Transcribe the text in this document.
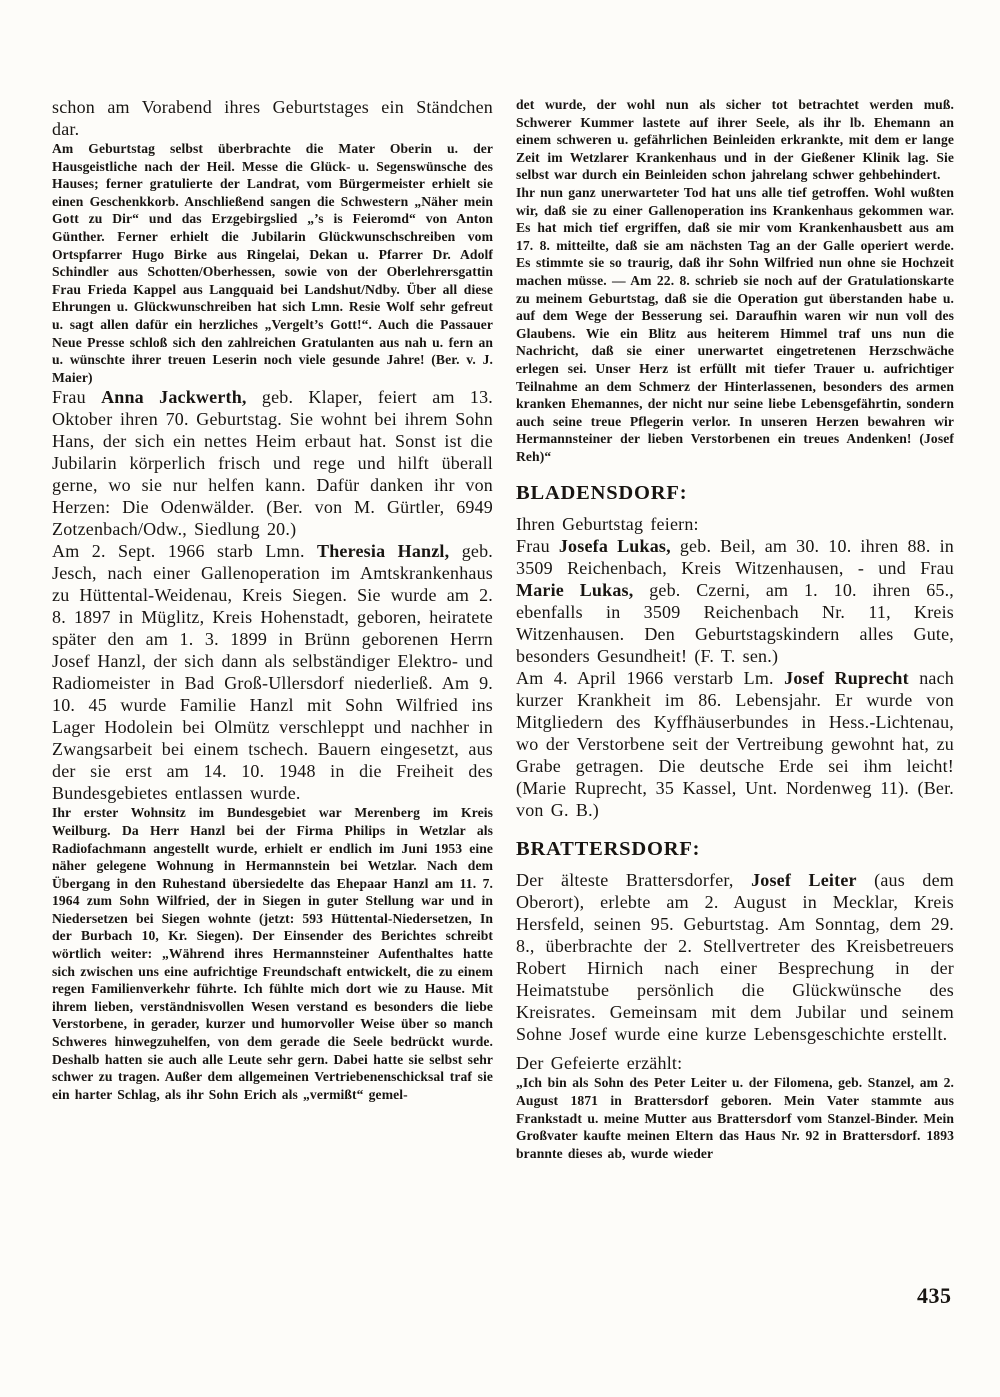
schon am Vorabend ihres Geburtstages ein Ständchen dar.

Am Geburtstag selbst überbrachte die Mater Oberin u. der Hausgeistliche nach der Heil. Messe die Glück- u. Segenswünsche des Hauses; ferner gratulierte der Landrat, vom Bürgermeister erhielt sie einen Geschenkkorb. Anschließend sangen die Schwestern „Näher mein Gott zu Dir“ und das Erzgebirgslied „’s is Feieromd“ von Anton Günther. Ferner erhielt die Jubilarin Glückwunschschreiben vom Ortspfarrer Hugo Birke aus Ringelai, Dekan u. Pfarrer Dr. Adolf Schindler aus Schotten/Oberhessen, sowie von der Oberlehrersgattin Frau Frieda Kappel aus Langquaid bei Landshut/Ndby. Über all diese Ehrungen u. Glückwunschreiben hat sich Lmn. Resie Wolf sehr gefreut u. sagt allen dafür ein herzliches „Vergelt’s Gott!“. Auch die Passauer Neue Presse schloß sich den zahlreichen Gratulanten aus nah u. fern an u. wünschte ihrer treuen Leserin noch viele gesunde Jahre! (Ber. v. J. Maier)

Frau Anna Jackwerth, geb. Klaper, feiert am 13. Oktober ihren 70. Geburtstag. Sie wohnt bei ihrem Sohn Hans, der sich ein nettes Heim erbaut hat. Sonst ist die Jubilarin körperlich frisch und rege und hilft überall gerne, wo sie nur helfen kann. Dafür danken ihr von Herzen: Die Odenwälder. (Ber. von M. Gürtler, 6949 Zotzenbach/Odw., Siedlung 20.)

Am 2. Sept. 1966 starb Lmn. Theresia Hanzl, geb. Jesch, nach einer Gallenoperation im Amtskrankenhaus zu Hüttental-Weidenau, Kreis Siegen. Sie wurde am 2. 8. 1897 in Müglitz, Kreis Hohenstadt, geboren, heiratete später den am 1. 3. 1899 in Brünn geborenen Herrn Josef Hanzl, der sich dann als selbständiger Elektro- und Radiomeister in Bad Groß-Ullersdorf niederließ. Am 9. 10. 45 wurde Familie Hanzl mit Sohn Wilfried ins Lager Hodolein bei Olmütz verschleppt und nachher in Zwangsarbeit bei einem tschech. Bauern eingesetzt, aus der sie erst am 14. 10. 1948 in die Freiheit des Bundesgebietes entlassen wurde.

Ihr erster Wohnsitz im Bundesgebiet war Merenberg im Kreis Weilburg. Da Herr Hanzl bei der Firma Philips in Wetzlar als Radiofachmann angestellt wurde, erhielt er endlich im Juni 1953 eine näher gelegene Wohnung in Hermannstein bei Wetzlar. Nach dem Übergang in den Ruhestand übersiedelte das Ehepaar Hanzl am 11. 7. 1964 zum Sohn Wilfried, der in Siegen in guter Stellung war und in Niedersetzen bei Siegen wohnte (jetzt: 593 Hüttental-Niedersetzen, In der Burbach 10, Kr. Siegen). Der Einsender des Berichtes schreibt wörtlich weiter: „Während ihres Hermannsteiner Aufenthaltes hatte sich zwischen uns eine aufrichtige Freundschaft entwickelt, die zu einem regen Familienverkehr führte. Ich fühlte mich dort wie zu Hause. Mit ihrem lieben, verständnisvollen Wesen verstand es besonders die liebe Verstorbene, in gerader, kurzer und humorvoller Weise über so manch Schweres hinwegzuhelfen, von dem gerade die Seele bedrückt wurde. Deshalb hatten sie auch alle Leute sehr gern. Dabei hatte sie selbst sehr schwer zu tragen. Außer dem allgemeinen Vertriebenenschicksal traf sie ein harter Schlag, als ihr Sohn Erich als „vermißt“ gemel-

det wurde, der wohl nun als sicher tot betrachtet werden muß. Schwerer Kummer lastete auf ihrer Seele, als ihr lb. Ehemann an einem schweren u. gefährlichen Beinleiden erkrankte, mit dem er lange Zeit im Wetzlarer Krankenhaus und in der Gießener Klinik lag. Sie selbst war durch ein Beinleiden schon jahrelang schwer gehbehindert.

Ihr nun ganz unerwarteter Tod hat uns alle tief getroffen. Wohl wußten wir, daß sie zu einer Gallenoperation ins Krankenhaus gekommen war. Es hat mich tief ergriffen, daß sie mir vom Krankenhausbett aus am 17. 8. mitteilte, daß sie am nächsten Tag an der Galle operiert werde. Es stimmte sie so traurig, daß ihr Sohn Wilfried nun ohne sie Hochzeit machen müsse. — Am 22. 8. schrieb sie noch auf der Gratulationskarte zu meinem Geburtstag, daß sie die Operation gut überstanden habe u. auf dem Wege der Besserung sei. Daraufhin waren wir nun voll des Glaubens. Wie ein Blitz aus heiterem Himmel traf uns nun die Nachricht, daß sie einer unerwartet eingetretenen Herzschwäche erlegen sei. Unser Herz ist erfüllt mit tiefer Trauer u. aufrichtiger Teilnahme an dem Schmerz der Hinterlassenen, besonders des armen kranken Ehemannes, der nicht nur seine liebe Lebensgefährtin, sondern auch seine treue Pflegerin verlor. In unseren Herzen bewahren wir Hermannsteiner der lieben Verstorbenen ein treues Andenken! (Josef Reh)“

BLADENSDORF:

Ihren Geburtstag feiern:

Frau Josefa Lukas, geb. Beil, am 30. 10. ihren 88. in 3509 Reichenbach, Kreis Witzenhausen, - und Frau Marie Lukas, geb. Czerni, am 1. 10. ihren 65., ebenfalls in 3509 Reichenbach Nr. 11, Kreis Witzenhausen. Den Geburtstagskindern alles Gute, besonders Gesundheit! (F. T. sen.)

Am 4. April 1966 verstarb Lm. Josef Ruprecht nach kurzer Krankheit im 86. Lebensjahr. Er wurde von Mitgliedern des Kyffhäuserbundes in Hess.-Lichtenau, wo der Verstorbene seit der Vertreibung gewohnt hat, zu Grabe getragen. Die deutsche Erde sei ihm leicht! (Marie Ruprecht, 35 Kassel, Unt. Nordenweg 11). (Ber. von G. B.)

BRATTERSDORF:

Der älteste Brattersdorfer, Josef Leiter (aus dem Oberort), erlebte am 2. August in Mecklar, Kreis Hersfeld, seinen 95. Geburtstag. Am Sonntag, dem 29. 8., überbrachte der 2. Stellvertreter des Kreisbetreuers Robert Hirnich nach einer Besprechung in der Heimatstube persönlich die Glückwünsche des Kreisrates. Gemeinsam mit dem Jubilar und seinem Sohne Josef wurde eine kurze Lebensgeschichte erstellt.

Der Gefeierte erzählt:

„Ich bin als Sohn des Peter Leiter u. der Filomena, geb. Stanzel, am 2. August 1871 in Brattersdorf geboren. Mein Vater stammte aus Frankstadt u. meine Mutter aus Brattersdorf vom Stanzel-Binder. Mein Großvater kaufte meinen Eltern das Haus Nr. 92 in Brattersdorf. 1893 brannte dieses ab, wurde wieder

435
